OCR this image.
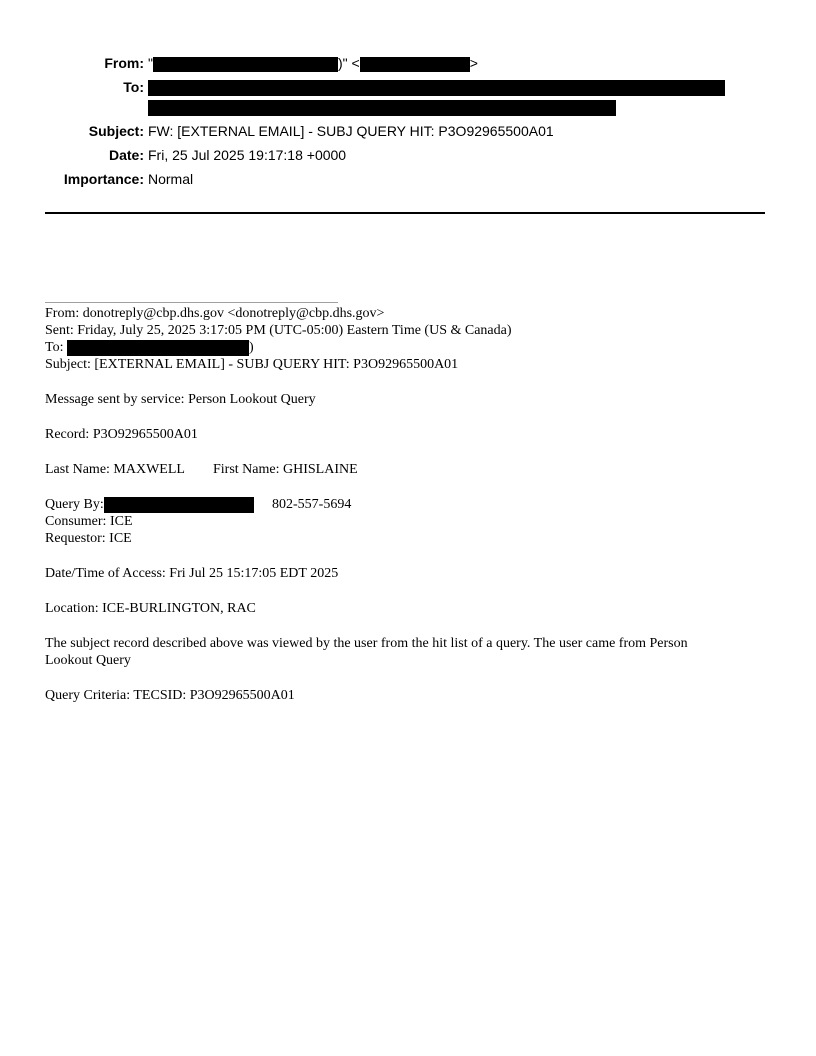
From: "	)" <	>
To:
Subject: FW: [EXTERNAL EMAIL] - SUBJ QUERY HIT: P3O92965500A01
Date: Fri, 25 Jul 2025 19:17:18 +0000
Importance: Normal
From: donotreply@cbp.dhs.gov <donotreply@cbp.dhs.gov>
Sent: Friday, July 25, 2025 3:17:05 PM (UTC-05:00) Eastern Time (US & Canada)
To:	)
Subject: [EXTERNAL EMAIL] - SUBJ QUERY HIT: P3O92965500A01
Message sent by service: Person Lookout Query
Record: P3O92965500A01
Last Name: MAXWELL First Name: GHISLAINE
Query By:	802-557-5694
Consumer: ICE
Requestor: ICE
Date/Time of Access: Fri Jul 25 15:17:05 EDT 2025
Location: ICE-BURLINGTON, RAC
The subject record described above was viewed by the user from the hit list of a query. The user came from Person Lookout Query
Query Criteria: TECSID: P3O92965500A01
